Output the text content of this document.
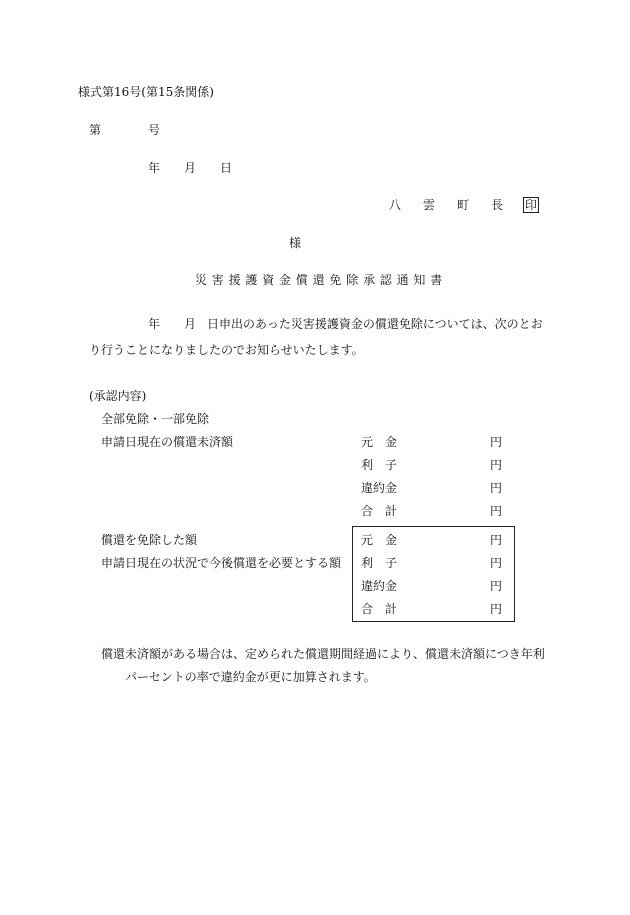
様式第16号(第15条関係)
第	号
年 月 日
八 雲 町 長 印
様
災害援護資金償還免除承認通知書
年 月 日申出のあった災害援護資金の償還免除については、次のとお
り行うことになりましたのでお知らせいたします。
(承認内容)
全部免除・一部免除
申請日現在の償還未済額	元　金	円
利　子	円
違約金	円
合　計	円
償還を免除した額
申請日現在の状況で今後償還を必要とする額
元　金	円
利　子	円
違約金	円
合　計	円
償還未済額がある場合は、定められた償還期間経過により、償還未済額につき年利
パーセントの率で違約金が更に加算されます。
